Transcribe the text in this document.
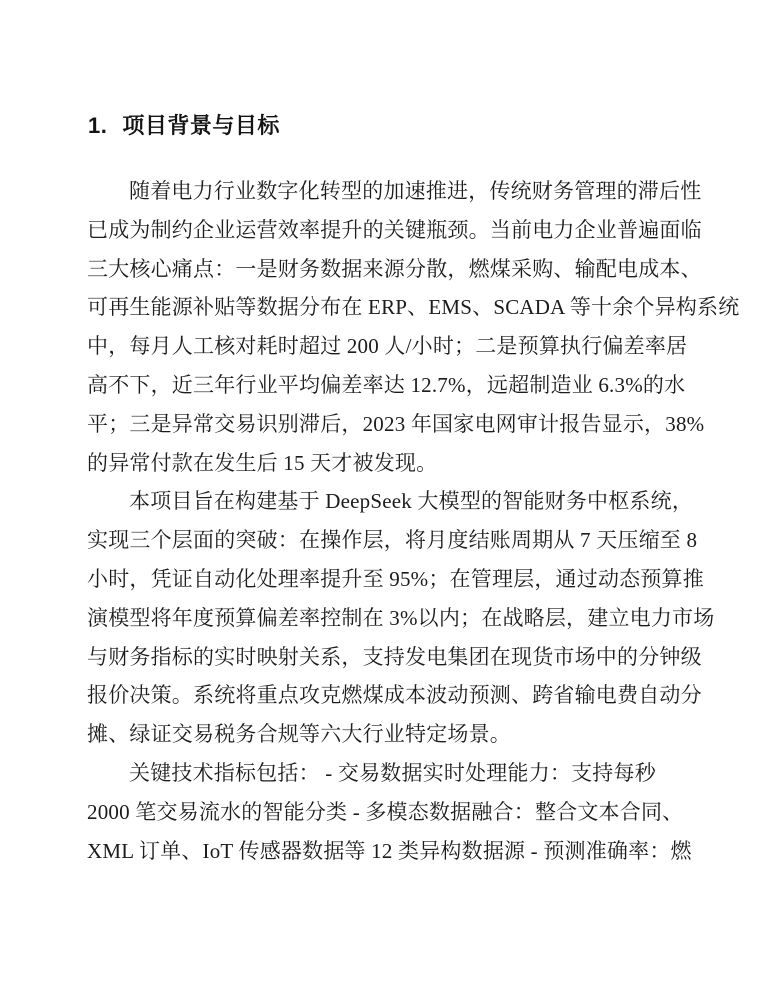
1. 项目背景与目标
随着电力行业数字化转型的加速推进，传统财务管理的滞后性
已成为制约企业运营效率提升的关键瓶颈。当前电力企业普遍面临
三大核心痛点：一是财务数据来源分散，燃煤采购、输配电成本、
可再生能源补贴等数据分布在 ERP、EMS、SCADA 等十余个异构系统
中，每月人工核对耗时超过 200 人/小时；二是预算执行偏差率居
高不下，近三年行业平均偏差率达 12.7%，远超制造业 6.3%的水
平；三是异常交易识别滞后，2023 年国家电网审计报告显示，38%
的异常付款在发生后 15 天才被发现。
本项目旨在构建基于 DeepSeek 大模型的智能财务中枢系统，
实现三个层面的突破：在操作层，将月度结账周期从 7 天压缩至 8
小时，凭证自动化处理率提升至 95%；在管理层，通过动态预算推
演模型将年度预算偏差率控制在 3%以内；在战略层，建立电力市场
与财务指标的实时映射关系，支持发电集团在现货市场中的分钟级
报价决策。系统将重点攻克燃煤成本波动预测、跨省输电费自动分
摊、绿证交易税务合规等六大行业特定场景。
关键技术指标包括： - 交易数据实时处理能力：支持每秒
2000 笔交易流水的智能分类 - 多模态数据融合：整合文本合同、
XML 订单、IoT 传感器数据等 12 类异构数据源 - 预测准确率：燃
